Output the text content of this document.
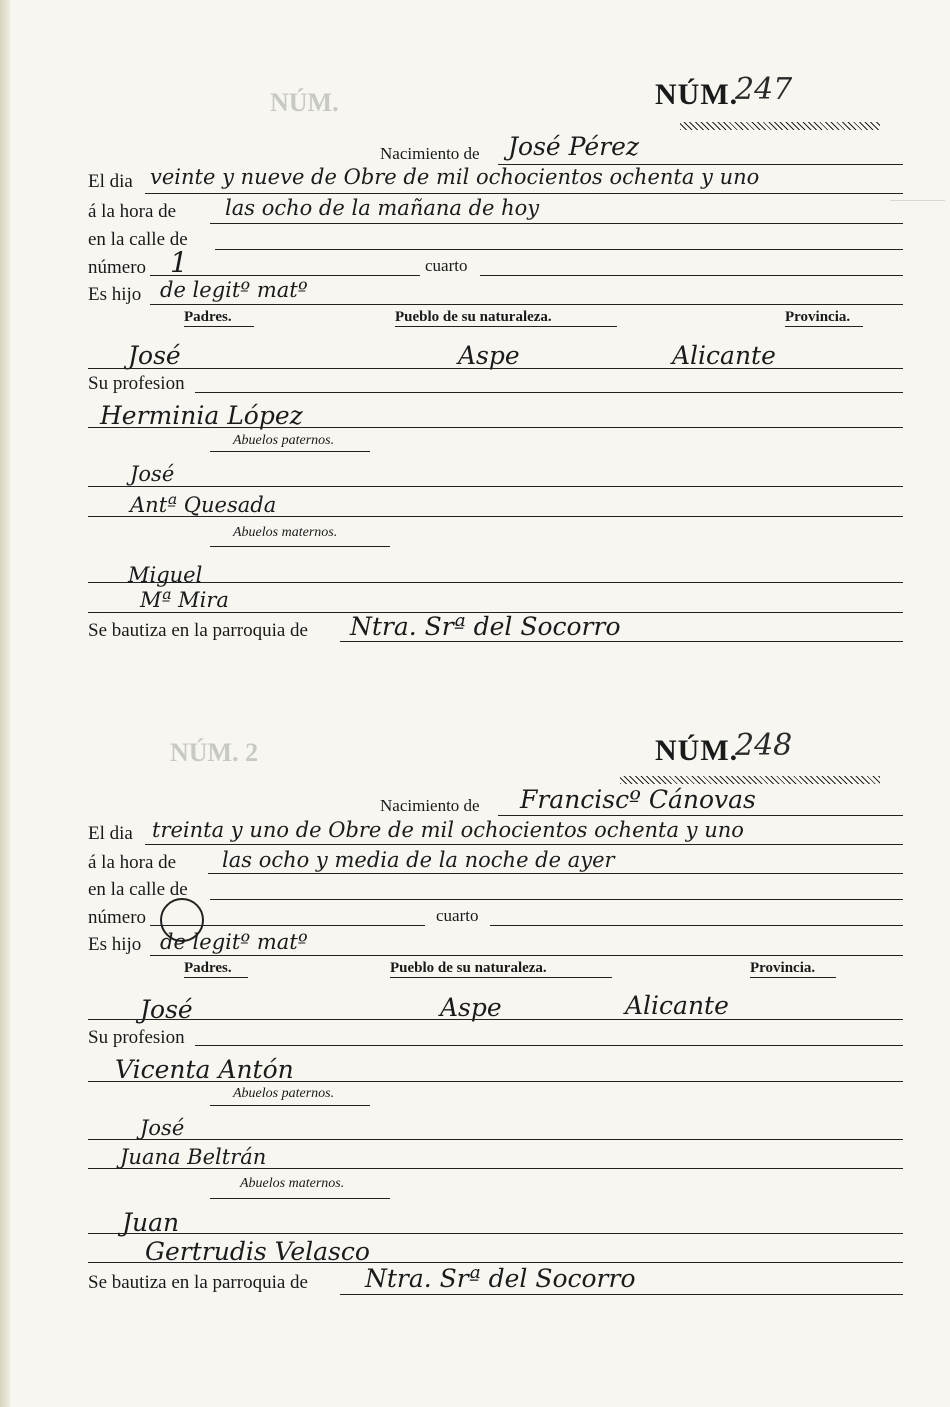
NÚM.
NÚM. 2
NÚM.
247
Nacimiento de José Pérez
El dia veinte y nueve de Obre de mil ochocientos ochenta y uno
á la hora de las ocho de la mañana de hoy
en la calle de
número 1	cuarto
Es hijo de legitº matº
Padres.	Pueblo de su naturaleza.	Provincia.
José	Aspe	Alicante
Su profesion
Herminia López
Abuelos paternos.
José
Antª Quesada
Abuelos maternos.
Miguel
Mª Mira
Se bautiza en la parroquia de Ntra. Srª del Socorro
NÚM.
248
Nacimiento de Franciscº Cánovas
El dia treinta y uno de Obre de mil ochocientos ochenta y uno
á la hora de las ocho y media de la noche de ayer
en la calle de
número	cuarto
Es hijo de legitº matº
Padres.	Pueblo de su naturaleza.	Provincia.
José	Aspe	Alicante
Su profesion
Vicenta Antón
Abuelos paternos.
José
Juana Beltrán
Abuelos maternos.
Juan
Gertrudis Velasco
Se bautiza en la parroquia de Ntra. Srª del Socorro
